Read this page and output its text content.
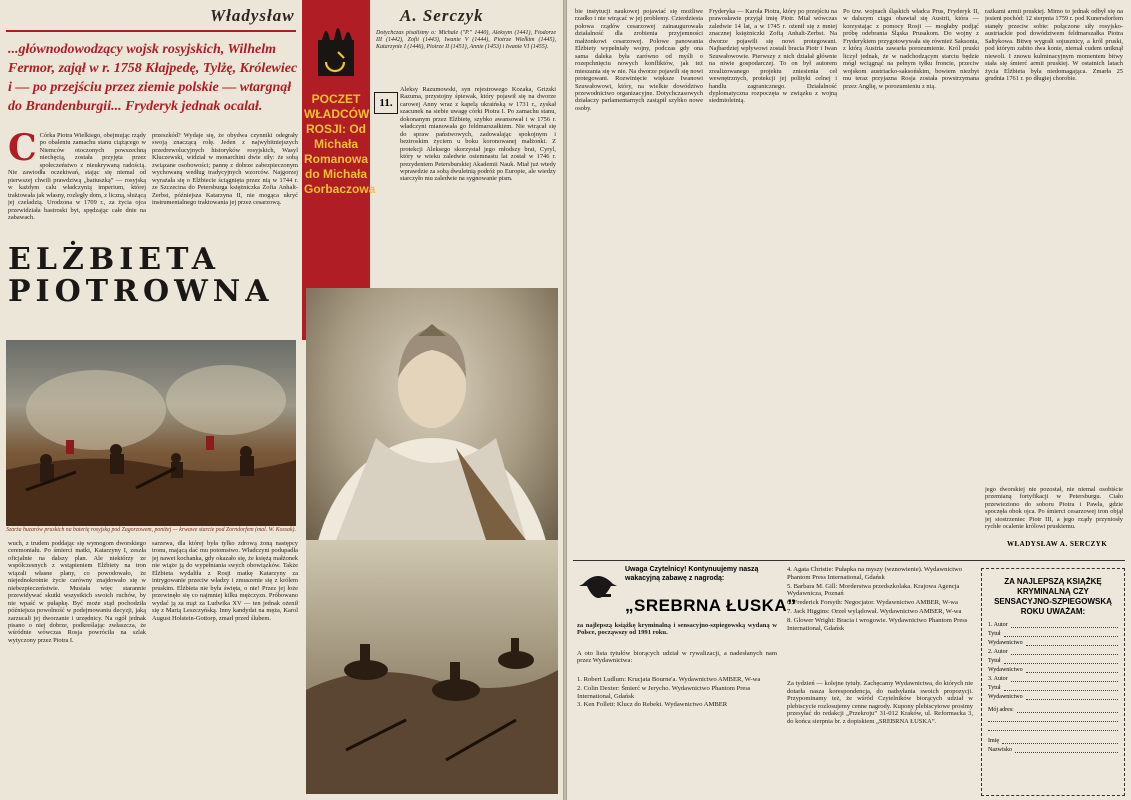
Władysław
...głównodowodzący wojsk rosyjskich, Wilhelm Fermor, zajął w r. 1758 Kłajpedę, Tylżę, Królewiec i — po przejściu przez ziemie polskie — wtargnął do Brandenburgii... Fryderyk jednak ocalał.

C Córka Piotra Wielkiego, obejmując rządy po obaleniu zamachu stanu ciążącego w Niemców otoczonych powszechną niechęcią, została przyjęta przez społeczeństwo z nieukrywaną radością. Nie zawiodła oczekiwań, stając się niemal od pierwszej chwili prawdziwą „batiuszką” — rosyjską w każdym calu władczynią imperium, której traktowała jak własny, rozległy dom, z liczną, służącą jej czeladzią. Urodzona w 1709 r., za życia ojca przewidziała bastroski byt, spędzając całe dnie na zabawach.

przeszkód? Wydaje się, że obydwa czynniki odegrały swoją znaczącą rolę. Jeden z najwybitniejszych przedrewolucyjnych historyków rosyjskich, Wasyl Kluczewski, widział w monarchini dwie siły: że sobą związane osobowości; pannę z dobrze zabezpieczonym wychowaną według tradycyjnych wzorców. Najgorzej wyrażała się o Elżbiecie ściągnięta przez nią w 1744 r. ze Szczecina do Petersburga księżniczka Zofia Anhalt-Zerbst, późniejsza Katarzyna II, nie mogąca ukryć instrumentalnego traktowania jej przez cesarzową.

ELŻBIETA
PIOTROWNA
POCZET WŁADCÓW ROSJI: Od Michała Romanowa do Michała Gorbaczowa
11.
A. Serczyk
Dotychczas pisaliśmy o: Michale ("P." 1440), Aleksym (1441), Fiodorze III (1442), Zofii (1443), Iwanie V (1444), Piotrze Wielkim (1445), Katarzynie I (1446), Piotrze II (1451), Annie (1453) i Iwanie VI (1455).

Aleksy Razumowski, syn rejestrowego Kozaka, Grizski Razuma, przystojny śpiewak, który pojawił się na dworze carowej Anny wraz z kapelą ukraińską w 1731 r., zyskał szacunek na siebie uwagę córki Piotra I. Po zamachu stanu, dokonanym przez Elżbietę, szybko awansował i w 1756 r. władczyni mianowała go feldmarszałkiem. Nie wtrącał się do spraw państwowych, zadowalając spokojnym i beztroskim życiem u boku koronowanej małżonki. Z protekcji Aleksego skorzystał jego młodszy brat, Cyryl, który w wieku zaledwie osiemnastu lat został w 1746 r. prezydentem Petersburskiej Akademii Nauk. Miał już wtedy wprawdzie za sobą dwuletnią podróż po Europie, ale wiedzy starczyło mu zaledwie na sygnowanie pism.

Szarża huzarów pruskich na baterię rosyjską pod Zagorzowem, poniżej — krwawe starcie pod Zorndorfem (mal. W. Kossak).

wuch, z trudem poddając się wymogom dworskiego ceremoniału. Po śmierci matki, Katarzyny I, zeszła oficjalnie na dalszy plan. Ale niektórzy ze współczesnych z wstąpieniem Elżbiety na tron wiązali własne plany, co powodowało, że niejednokrotnie życie carówny znajdowało się w niebezpieczeństwie. Musiała więc starannie przewidywać skutki wszystkich swoich ruchów, by nie wpaść w pułapkę. Być może stąd pochodziła późniejsza powolność w podejmowaniu decyzji, jaką zarzucali jej dworzanie i urzędnicy. Na ogół jednak pisano o niej dobrze, podkreślając zwłaszcza, że wśródnie wówczas Rosja powróciła na szlak wytyczony przez Piotra I.

sarzewa, dla której była tylko zdrową żoną następcy tronu, mającą dać mu potomstwo. Władczyni podupadła jej nawet kochanka, gdy okazało się, że księżą małżonek nie wiąże ją do wypełniania swych obowiązków. Także Elżbieta wydaliła z Rosji matkę Katarzyny za intrygowanie przeciw władzy i zmuszenie się z królem pruskim. Elżbieta nie była święta, o nie! Przez jej łoże przewinęło się co najmniej kilku mężczyzn. Próbowano wydać ją za mąż za Ludwika XV — ten jednak ożenił się z Marią Leszczyńską. Inny kandydat na męża, Karol August Holstein-Gottorp, zmarł przed ślubem.

bie instytucji naukowej pojawiać się możliwe rzadko i nie wtrącać w jej problemy. Czterdziesta połowa rządów cesarzowej zainaugurowała działalność dla zrobienia przyjemności małżonkowi cesarzowej. Polowe panowania Elżbiety wypełniały wojny, podczas gdy ona sama daleka była zarówno od myśli o rozepchnięciu nowych konfliktów, jak też mieszania się w nie. Na dworze pojawili się nowi protegowani. Rozwinięcie większe Iwanowi Szuwałowowi, który, na wielkie dowództwo przewodnictwo organizacyjne. Dotychczasowych działaczy parlamentarnych zastąpił szybko nowe osoby.

Fryderyka — Karola Piotra, który po przejściu na prawosławie przyjął imię Piotr. Miał wówczas zaledwie 14 lat, a w 1745 r. ożenił się z mniej znacznej księżniczki Zofią Anhalt-Zerbst. Na dworze pojawili się nowi protegowani. Najbardziej wpływowi zostali bracia Piotr i Iwan Szuwałowowie. Pierwszy z nich działał głównie na niwie gospodarczej. To on był autorem zrealizowanego projektu zniesienia ceł wewnętrznych, protekcji jej polityki celnej i handlu zagranicznego. Działalność dyplomatyczna rozpoczęta w związku z wojną siedmioletnią.

Po tzw. wojnach śląskich władca Prus, Fryderyk II, w dalszym ciągu obawiał się Austrii, która — korzystając z pomocy Rosji — mogłaby podjąć próbę odebrania Śląska Prusakom. Do wojny z Fryderykiem przygotowywała się również Saksonia, z którą Austria zawarła porozumienie. Król pruski liczył jednak, że w nadchodzącym starciu będzie mógł wciągnąć na pełnym tyłku froncie, przeciw wojskom austriacko-saksońskim, bowiem niezbyt mu teraz przyjazna Rosja została powstrzymana przez Anglię, w porozumieniu z nią.

rażkami armii pruskiej. Mimo to jednak odbył się na jesieni pochód: 12 sierpnia 1759 r. pod Kunersdorfem stanęły przeciw sobie: połączone siły rosyjsko-austriackie pod dowództwem feldmarszałka Piotra Sałtykowa. Bitwę wygrali sojusznicy, a król pruski, pod którym zabito dwa konie, niemal cudem uniknął niewoli. I znowu kulminacyjnym momentem bitwy stała się śmierć armii pruskiej. W ostatnich latach życia Elżbieta była niedomagająca. Zmarła 25 grudnia 1761 r. po długiej chorobie.

jego dworskiej nie pozostał, nie niemal osobiście przemianą fortyfikacji w Petersburgu. Ciało przewieziono do soboru Piotra i Pawła, gdzie spoczęła obok ojca. Po śmierci cesarzowej tron objął jej siostrzeniec Piotr III, a jego rządy przyniosły rychłe ocalenie królowi pruskiemu.

WŁADYSŁAW A. SERCZYK
Uwaga Czytelnicy! Kontynuujemy naszą wakacyjną zabawę z nagrodą:
„SREBRNA ŁUSKA”
za najlepszą książkę kryminalną i sensacyjno-szpiegowską wydaną w Polsce, począwszy od 1991 roku.
A oto lista tytułów biorących udział w rywalizacji, a nadesłanych nam przez Wydawnictwa:

1. Robert Ludlum: Krucjata Bourne'a. Wydawnictwo AMBER, W-wa

2. Colin Dexter: Śmierć w Jerycho. Wydawnictwo Phantom Press International, Gdańsk

3. Ken Follett: Klucz do Rebeki. Wydawnictwo AMBER

4. Agata Christie: Pułapka na myszy (wznowienie). Wydawnictwo Phantom Press International, Gdańsk

5. Barbara M. Gill: Morderstwa przedszkolaka. Krajowa Agencja Wydawnicza, Poznań

6. Frederick Forsyth: Negocjator. Wydawnictwo AMBER, W-wa

7. Jack Higgins: Orzeł wylądował. Wydawnictwo AMBER, W-wa

8. Glower Wright: Bracia i wrogowie. Wydawnictwo Phantom Press International, Gdańsk

Za tydzień — kolejne tytuły. Zachęcamy Wydawnictwa, do których nie dotarła nasza korespondencja, do nadsyłania swoich propozycji. Przypominamy też, że wśród Czytelników biorących udział w plebiscycie rozlosujemy cenne nagrody. Kupony plebiscytowe prosimy przesyłać do redakcji „Przekroju” 31-012 Kraków, ul. Reformacka 3, do końca sierpnia br. z dopiskiem „SREBRNA ŁUSKA”.
ZA NAJLEPSZĄ KSIĄŻKĘ KRYMINALNĄ CZY SENSACYJNO-SZPIEGOWSKĄ ROKU UWAŻAM:
1. Autor
Tytuł
Wydawnictwo
2. Autor
Tytuł
Wydawnictwo
3. Autor
Tytuł
Wydawnictwo
Mój adres:
Imię
Nazwisko
